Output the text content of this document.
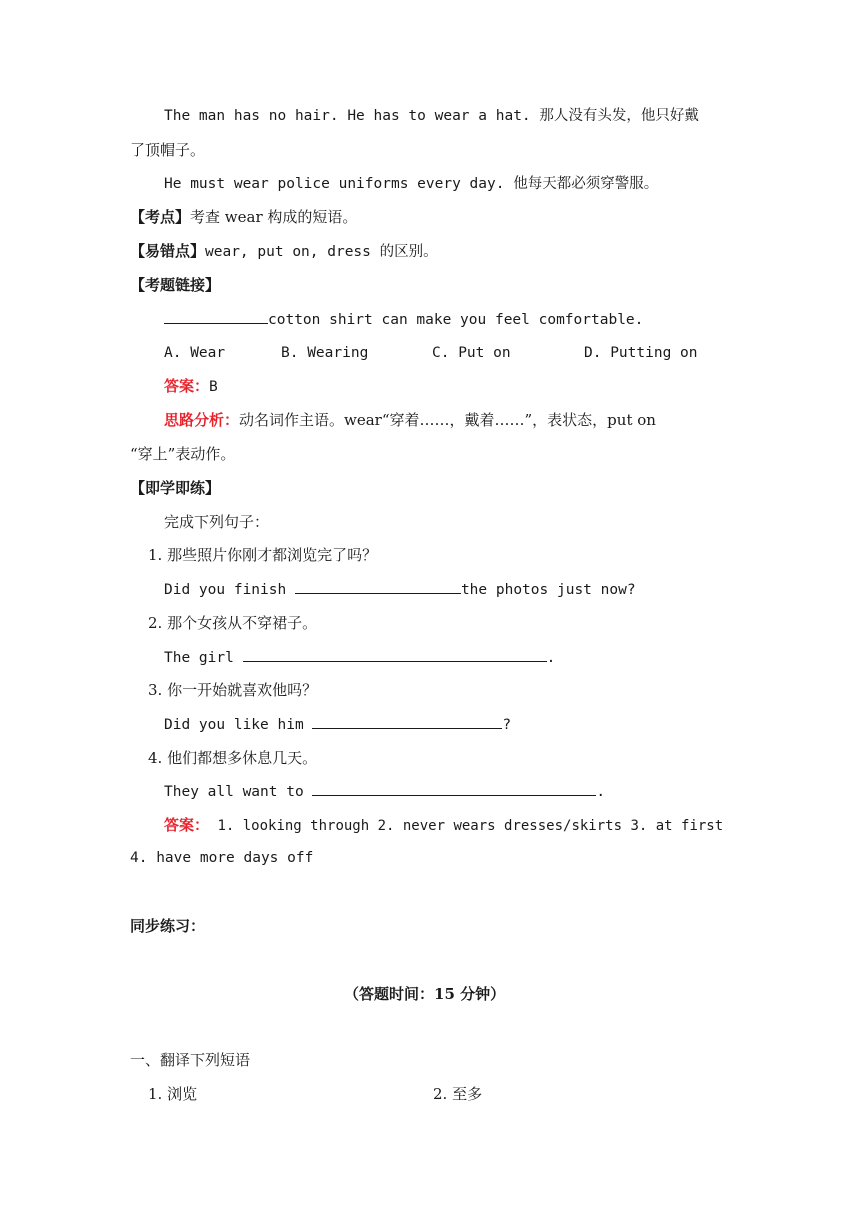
The man has no hair. He has to wear a hat. 那人没有头发，他只好戴
了顶帽子。
He must wear police uniforms every day. 他每天都必须穿警服。
【考点】考查 wear 构成的短语。
【易错点】wear, put on, dress 的区别。
【考题链接】
cotton shirt can make you feel comfortable.
A. Wear	B. Wearing	C. Put on	D. Putting on
答案：B
思路分析：动名词作主语。wear“穿着……，戴着……”，表状态，put on
“穿上”表动作。
【即学即练】
完成下列句子：
1. 那些照片你刚才都浏览完了吗？
Did you finish	the photos just now?
2. 那个女孩从不穿裙子。
The girl	.
3. 你一开始就喜欢他吗？
Did you like him	?
4. 他们都想多休息几天。
They all want to	.
答案： 1. looking through 2. never wears dresses/skirts 3. at first
4. have more days off
同步练习：
（答题时间：15 分钟）
一、翻译下列短语
1. 浏览	2. 至多
